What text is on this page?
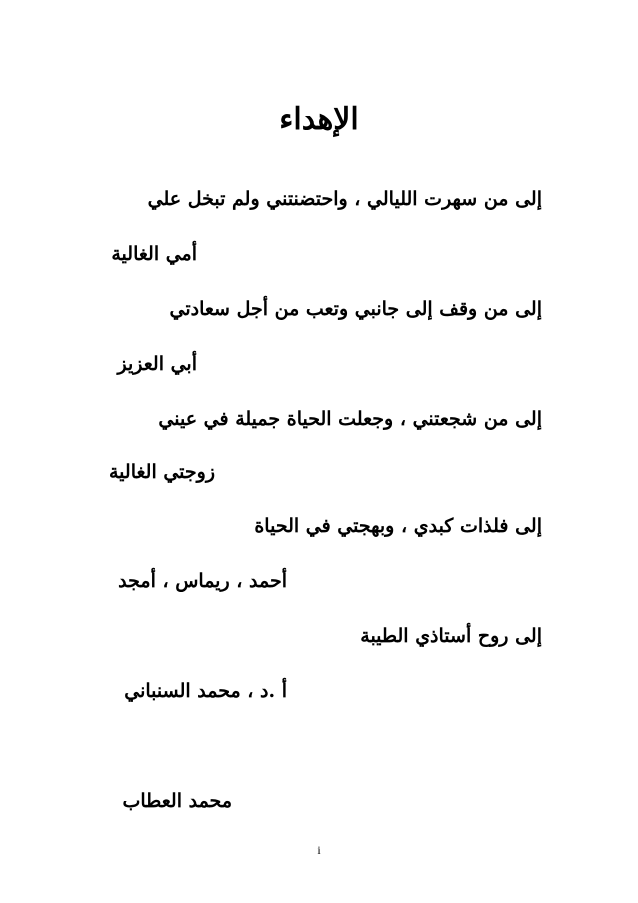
الإهداء

إلى من سهرت الليالي ، واحتضنتني ولم تبخل علي

أمي الغالية

إلى من وقف إلى جانبي وتعب من أجل سعادتي

أبي العزيز

إلى من شجعتني ، وجعلت الحياة جميلة في عيني

زوجتي الغالية

إلى فلذات كبدي ، وبهجتي في الحياة

أحمد ، ريماس ، أمجد

إلى روح أستاذي الطيبة

أ .د ، محمد السنباني

محمد العطاب

i
